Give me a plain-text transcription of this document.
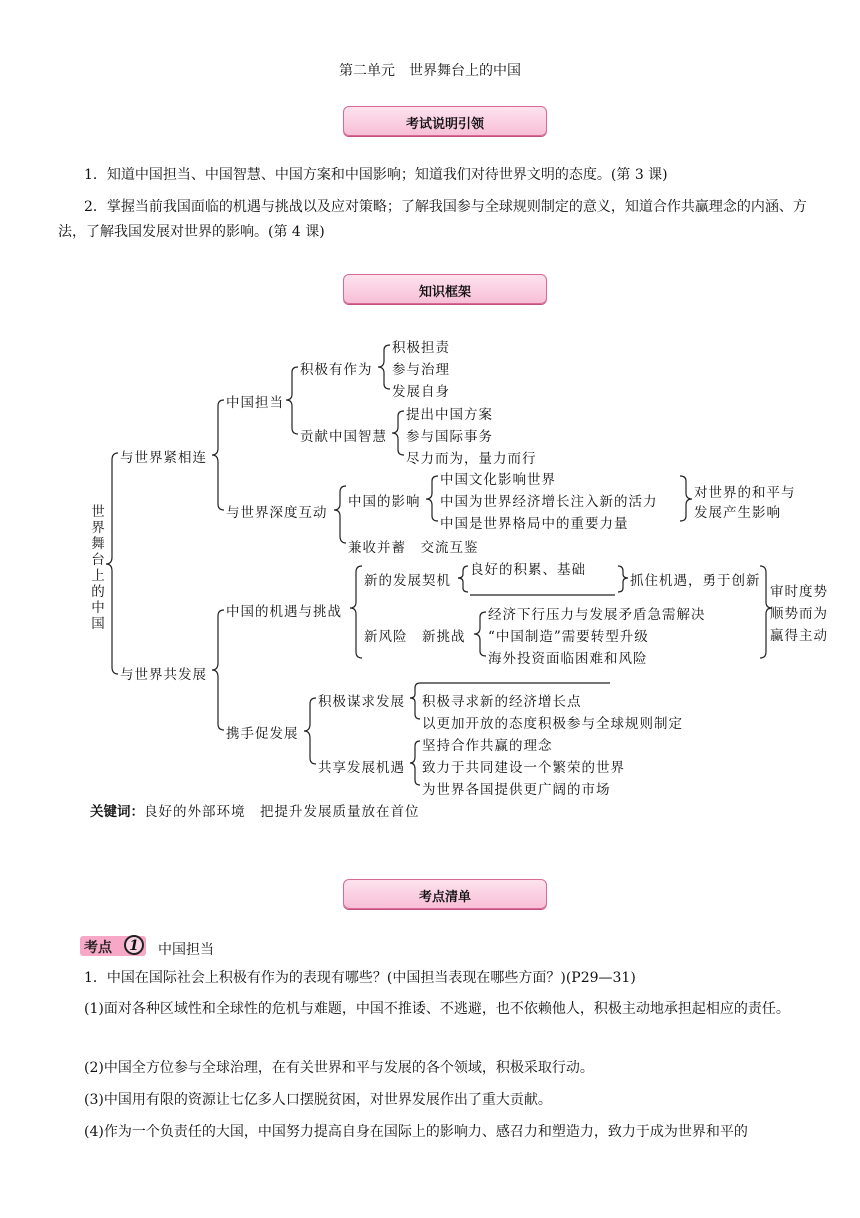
第二单元　世界舞台上的中国
考试说明引领
1．知道中国担当、中国智慧、中国方案和中国影响；知道我们对待世界文明的态度。(第 3 课)
2．掌握当前我国面临的机遇与挑战以及应对策略；了解我国参与全球规则制定的意义，知道合作共赢理念的内涵、方法，了解我国发展对世界的影响。(第 4 课)
知识框架
世
界
舞
台
上
的
中
国
与世界紧相连
与世界共发展
中国担当
积极有作为
积极担责
参与治理
发展自身
贡献中国智慧
提出中国方案
参与国际事务
尽力而为，量力而行
与世界深度互动
中国的影响
中国文化影响世界
中国为世界经济增长注入新的活力
中国是世界格局中的重要力量
对世界的和平与
发展产生影响
兼收并蓄　交流互鉴
中国的机遇与挑战
新的发展契机
良好的积累、基础
抓住机遇，勇于创新
新风险　新挑战
经济下行压力与发展矛盾急需解决
“中国制造”需要转型升级
海外投资面临困难和风险
审时度势
顺势而为
赢得主动
携手促发展
积极谋求发展 积极寻求新的经济增长点
以更加开放的态度积极参与全球规则制定
共享发展机遇
坚持合作共赢的理念
致力于共同建设一个繁荣的世界
为世界各国提供更广阔的市场
关键词：良好的外部环境　把提升发展质量放在首位
考点清单
考点	1	中国担当
1．中国在国际社会上积极有作为的表现有哪些？(中国担当表现在哪些方面？)(P29—31)
(1)面对各种区域性和全球性的危机与难题，中国不推诿、不逃避，也不依赖他人，积极主动地承担起相应的责任。
(2)中国全方位参与全球治理，在有关世界和平与发展的各个领域，积极采取行动。
(3)中国用有限的资源让七亿多人口摆脱贫困，对世界发展作出了重大贡献。
(4)作为一个负责任的大国，中国努力提高自身在国际上的影响力、感召力和塑造力，致力于成为世界和平的
